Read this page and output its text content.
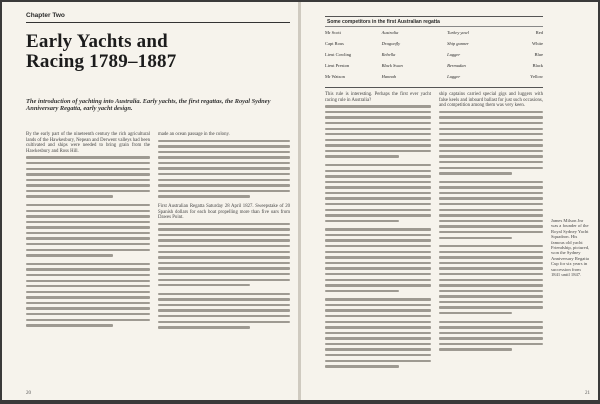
Chapter Two
Early Yachts and
Racing 1789–1887
The introduction of yachting into Australia. Early yachts, the first regattas, the Royal Sydney Anniversary Regatta, early yacht design.

By the early part of the nineteenth century the rich agricultural lands of the Hawkesbury, Nepean and Derwent valleys had been cultivated and ships were needed to bring grain from the Hawkesbury and Ross Hill.

made an ocean passage in the colony.

First Australian Regatta Saturday 28 April 1827. Sweepstake of 20 Spanish dollars for each boat propelling more than five oars from Dawes Point.

20
Some competitors in the first Australian regatta
Mr Scott	Australia	Turkey yawl	Red
Capt Rous	Dragonfly	Ship gunner	White
Lieut Cowling	Rebella	Lugger	Blue
Lieut Preston	Black Swan	Bermudan	Black
Mr Watson	Hannah	Lugger	Yellow

This rule is interesting. Perhaps the first ever yacht racing rule in Australia?

ship captains carried special gigs and luggers with false keels and inboard ballast for just such occasions, and competition among them was very keen.

James Milson Jnr was a founder of the Royal Sydney Yacht Squadron. His famous old yacht Friendship, pictured, won the Sydney Anniversary Regatta Cup for six years in succession from 1841 until 1847.
21
